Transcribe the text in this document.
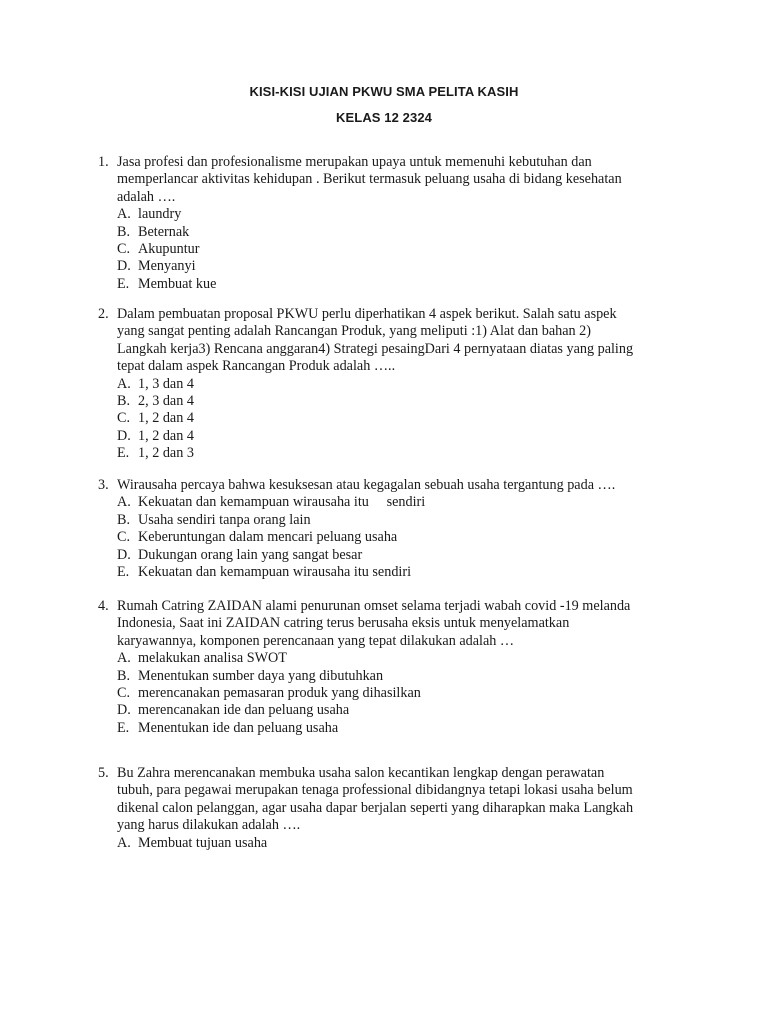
KISI-KISI UJIAN PKWU SMA PELITA KASIH
KELAS 12 2324
1. Jasa profesi dan profesionalisme merupakan upaya untuk memenuhi kebutuhan dan
memperlancar aktivitas kehidupan . Berikut termasuk peluang usaha di bidang kesehatan
adalah ….
A. laundry
B. Beternak
C. Akupuntur
D. Menyanyi
E. Membuat kue
2. Dalam pembuatan proposal PKWU perlu diperhatikan 4 aspek berikut. Salah satu aspek
yang sangat penting adalah Rancangan Produk, yang meliputi :1) Alat dan bahan 2)
Langkah kerja3) Rencana anggaran4) Strategi pesaingDari 4 pernyataan diatas yang paling
tepat dalam aspek Rancangan Produk adalah …..
A. 1, 3 dan 4
B. 2, 3 dan 4
C. 1, 2 dan 4
D. 1, 2 dan 4
E. 1, 2 dan 3
3. Wirausaha percaya bahwa kesuksesan atau kegagalan sebuah usaha tergantung pada ….
A. Kekuatan dan kemampuan wirausaha itu     sendiri
B. Usaha sendiri tanpa orang lain
C. Keberuntungan dalam mencari peluang usaha
D. Dukungan orang lain yang sangat besar
E. Kekuatan dan kemampuan wirausaha itu sendiri
4. Rumah Catring ZAIDAN alami penurunan omset selama terjadi wabah covid -19 melanda
Indonesia, Saat ini ZAIDAN catring terus berusaha eksis untuk menyelamatkan
karyawannya, komponen perencanaan yang tepat dilakukan adalah …
A. melakukan analisa SWOT
B. Menentukan sumber daya yang dibutuhkan
C. merencanakan pemasaran produk yang dihasilkan
D. merencanakan ide dan peluang usaha
E. Menentukan ide dan peluang usaha
5. Bu Zahra merencanakan membuka usaha salon kecantikan lengkap dengan perawatan
tubuh, para pegawai merupakan tenaga professional dibidangnya tetapi lokasi usaha belum
dikenal calon pelanggan, agar usaha dapar berjalan seperti yang diharapkan maka Langkah
yang harus dilakukan adalah ….
A. Membuat tujuan usaha
